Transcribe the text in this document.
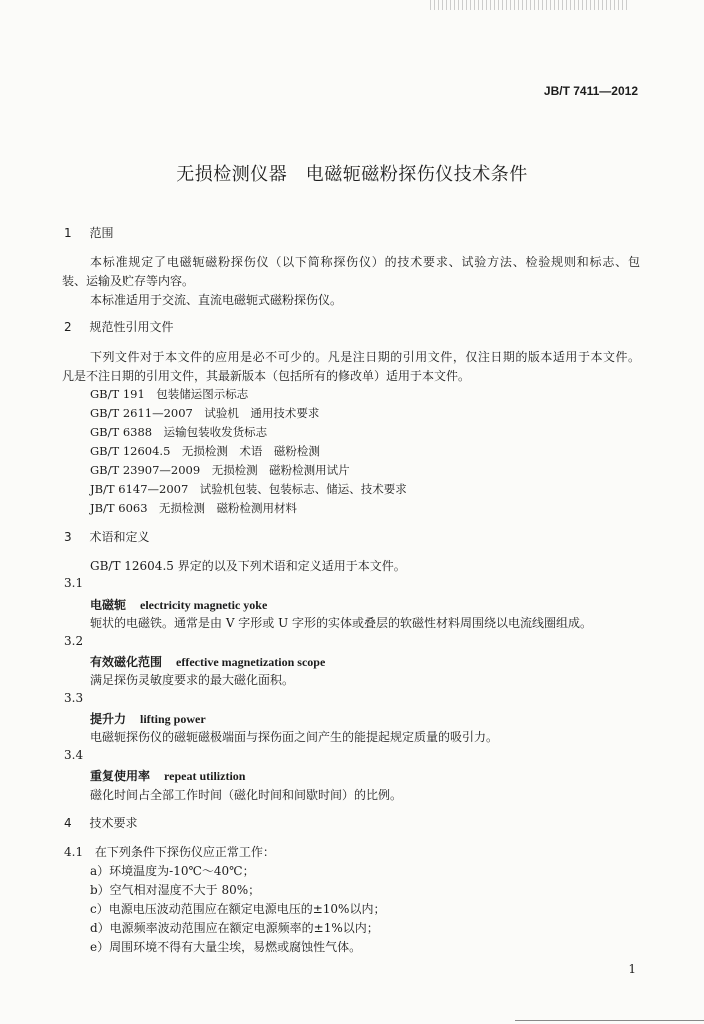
JB/T 7411—2012
无损检测仪器　电磁轭磁粉探伤仪技术条件
1 范围
本标准规定了电磁轭磁粉探伤仪（以下简称探伤仪）的技术要求、试验方法、检验规则和标志、包
装、运输及贮存等内容。
本标准适用于交流、直流电磁轭式磁粉探伤仪。
2 规范性引用文件
下列文件对于本文件的应用是必不可少的。凡是注日期的引用文件，仅注日期的版本适用于本文件。
凡是不注日期的引用文件，其最新版本（包括所有的修改单）适用于本文件。
GB/T 191　包装储运图示标志
GB/T 2611—2007　试验机　通用技术要求
GB/T 6388　运输包装收发货标志
GB/T 12604.5　无损检测　术语　磁粉检测
GB/T 23907—2009　无损检测　磁粉检测用试片
JB/T 6147—2007　试验机包装、包装标志、储运、技术要求
JB/T 6063　无损检测　磁粉检测用材料
3 术语和定义
GB/T 12604.5 界定的以及下列术语和定义适用于本文件。
3.1
电磁轭 electricity magnetic yoke
轭状的电磁铁。通常是由 V 字形或 U 字形的实体或叠层的软磁性材料周围绕以电流线圈组成。
3.2
有效磁化范围 effective magnetization scope
满足探伤灵敏度要求的最大磁化面积。
3.3
提升力 lifting power
电磁轭探伤仪的磁轭磁极端面与探伤面之间产生的能提起规定质量的吸引力。
3.4
重复使用率 repeat utiliztion
磁化时间占全部工作时间（磁化时间和间歇时间）的比例。
4 技术要求
4.1 在下列条件下探伤仪应正常工作：
a）环境温度为-10℃～40℃；
b）空气相对湿度不大于 80%；
c）电源电压波动范围应在额定电源电压的±10%以内；
d）电源频率波动范围应在额定电源频率的±1%以内；
e）周围环境不得有大量尘埃，易燃或腐蚀性气体。
1
